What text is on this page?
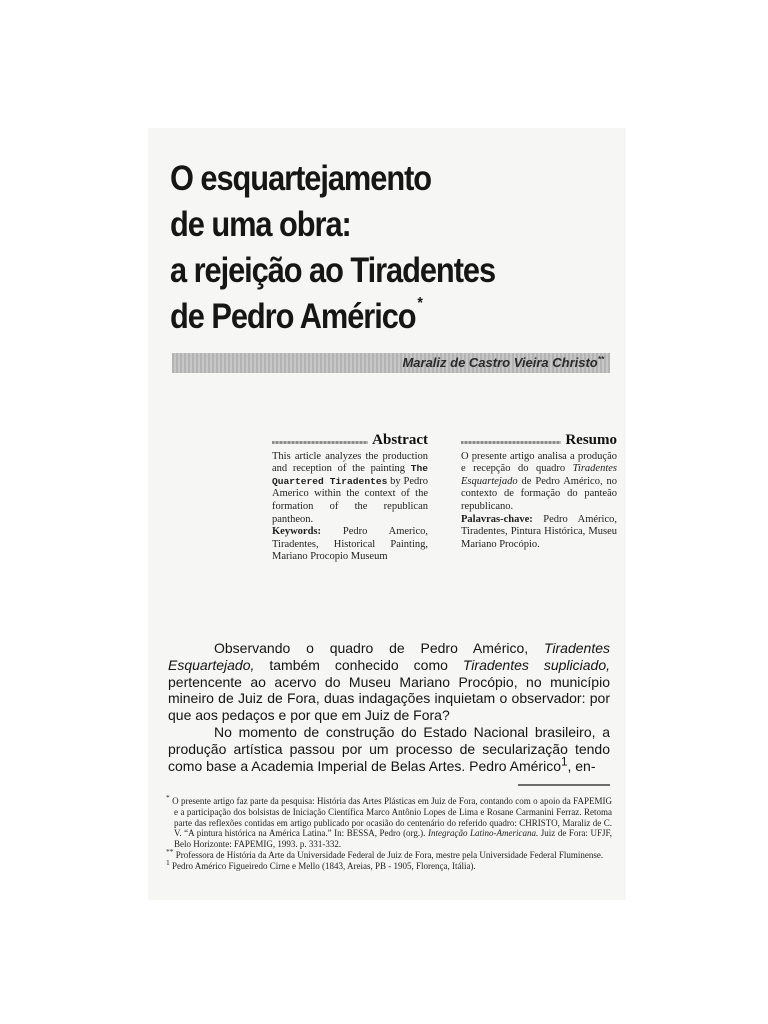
O esquartejamento
de uma obra:
a rejeição ao Tiradentes
de Pedro Américo *
Maraliz de Castro Vieira Christo**
Abstract

This article analyzes the production and reception of the painting The Quartered Tiradentes by Pedro Americo within the context of the formation of the republican pantheon.

Keywords: Pedro Americo, Tiradentes, Historical Painting, Mariano Procopio Museum

Resumo

O presente artigo analisa a produção e recepção do quadro Tiradentes Esquartejado de Pedro Américo, no contexto de formação do panteão republicano.

Palavras-chave: Pedro Américo, Tiradentes, Pintura Histórica, Museu Mariano Procópio.

Observando o quadro de Pedro Américo, Tiradentes Esquartejado, também conhecido como Tiradentes supliciado, pertencente ao acervo do Museu Mariano Procópio, no município mineiro de Juiz de Fora, duas indagações inquietam o observador: por que aos pedaços e por que em Juiz de Fora?

No momento de construção do Estado Nacional brasileiro, a produção artística passou por um processo de secularização tendo como base a Academia Imperial de Belas Artes. Pedro Américo$^1$, en-

* O presente artigo faz parte da pesquisa: História das Artes Plásticas em Juiz de Fora, contando com o apoio da FAPEMIG e a participação dos bolsistas de Iniciação Científica Marco Antônio Lopes de Lima e Rosane Carmanini Ferraz. Retoma parte das reflexões contidas em artigo publicado por ocasião do centenário do referido quadro: CHRISTO, Maraliz de C. V. “A pintura histórica na América Latina.” In: BESSA, Pedro (org.). Integração Latino-Americana. Juiz de Fora: UFJF, Belo Horizonte: FAPEMIG, 1993. p. 331-332.

** Professora de História da Arte da Universidade Federal de Juiz de Fora, mestre pela Universidade Federal Fluminense.

$^1$ Pedro Américo Figueiredo Cirne e Mello (1843, Areias, PB - 1905, Florença, Itália).
